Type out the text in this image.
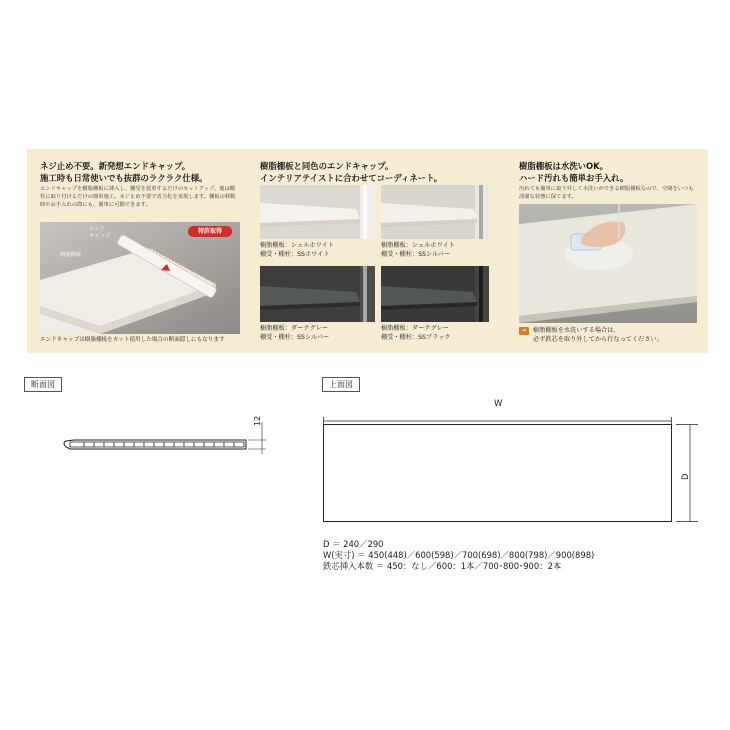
ネジ止め不要。新発想エンドキャップ。
施工時も日常使いでも抜群のラクラク仕様。
エンドキャップを樹脂棚板に挿入し、棚受を装着するだけのセットアップ。後は棚柱に取り付けるだけの簡単施工。ネジ止め不要で省力化を実現します。棚板の移動時やお手入れの際にも、簡単に可動できます。
エンド
キャップ
樹脂棚板
特許取得
エンドキャップは樹脂棚板をカット使用した場合の断面隠しにもなります
樹脂棚板と同色のエンドキャップ。
インテリアテイストに合わせてコーディネート。
樹脂棚板：シェルホワイト
棚受・棚柱：SSホワイト
樹脂棚板：シェルホワイト
棚受・棚柱：SSシルバー
樹脂棚板：ダークグレー
棚受・棚柱：SSシルバー
樹脂棚板：ダークグレー
棚受・棚柱：SSブラック
樹脂棚板は水洗いOK。
ハード汚れも簡単お手入れ。
汚れても簡単に取り外して水洗いができる樹脂棚板なので、空間をいつも清潔な状態に保てます。
➔	樹脂棚板を水洗いする場合は、
必ず鉄芯を取り外してから行なってください。
断面図
12
上面図
W
D
D ＝ 240／290
W(実寸) ＝ 450(448)／600(598)／700(698)／800(798)／900(898)
鉄芯挿入本数 ＝ 450：なし／600：1本／700･800･900：2本
